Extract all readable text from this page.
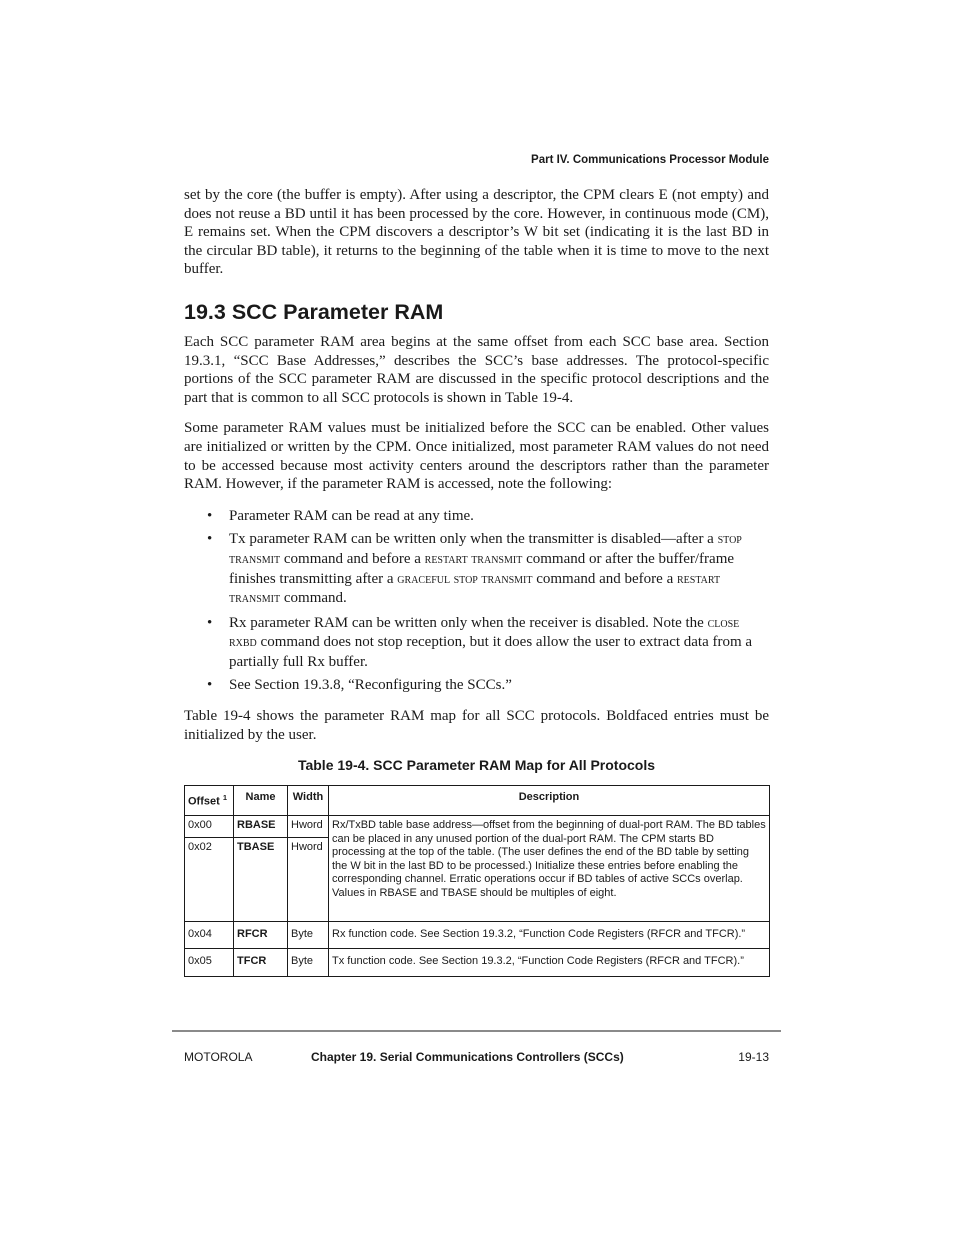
Part IV. Communications Processor Module

set by the core (the buffer is empty). After using a descriptor, the CPM clears E (not empty) and does not reuse a BD until it has been processed by the core. However, in continuous mode (CM), E remains set. When the CPM discovers a descriptor’s W bit set (indicating it is the last BD in the circular BD table), it returns to the beginning of the table when it is time to move to the next buffer.

19.3 SCC Parameter RAM

Each SCC parameter RAM area begins at the same offset from each SCC base area. Section 19.3.1, “SCC Base Addresses,” describes the SCC’s base addresses. The protocol-specific portions of the SCC parameter RAM are discussed in the specific protocol descriptions and the part that is common to all SCC protocols is shown in Table 19-4.

Some parameter RAM values must be initialized before the SCC can be enabled. Other values are initialized or written by the CPM. Once initialized, most parameter RAM values do not need to be accessed because most activity centers around the descriptors rather than the parameter RAM. However, if the parameter RAM is accessed, note the following:

• Parameter RAM can be read at any time.
• Tx parameter RAM can be written only when the transmitter is disabled—after a stop transmit command and before a restart transmit command or after the buffer/frame finishes transmitting after a graceful stop transmit command and before a restart transmit command.
• Rx parameter RAM can be written only when the receiver is disabled. Note the close rxbd command does not stop reception, but it does allow the user to extract data from a partially full Rx buffer.
• See Section 19.3.8, “Reconfiguring the SCCs.”

Table 19-4 shows the parameter RAM map for all SCC protocols. Boldfaced entries must be initialized by the user.

Table 19-4. SCC Parameter RAM Map for All Protocols
Offset $^1$	Name	Width	Description
0x00	RBASE	Hword	Rx/TxBD table base address—offset from the beginning of dual-port RAM. The BD tables can be placed in any unused portion of the dual-port RAM. The CPM starts BD processing at the top of the table. (The user defines the end of the BD table by setting the W bit in the last BD to be processed.) Initialize these entries before enabling the corresponding channel. Erratic operations occur if BD tables of active SCCs overlap. Values in RBASE and TBASE should be multiples of eight.
0x02	TBASE	Hword	
0x04	RFCR	Byte	Rx function code. See Section 19.3.2, “Function Code Registers (RFCR and TFCR).”
0x05	TFCR	Byte	Tx function code. See Section 19.3.2, “Function Code Registers (RFCR and TFCR).”
MOTOROLA	Chapter 19. Serial Communications Controllers (SCCs)	19-13
